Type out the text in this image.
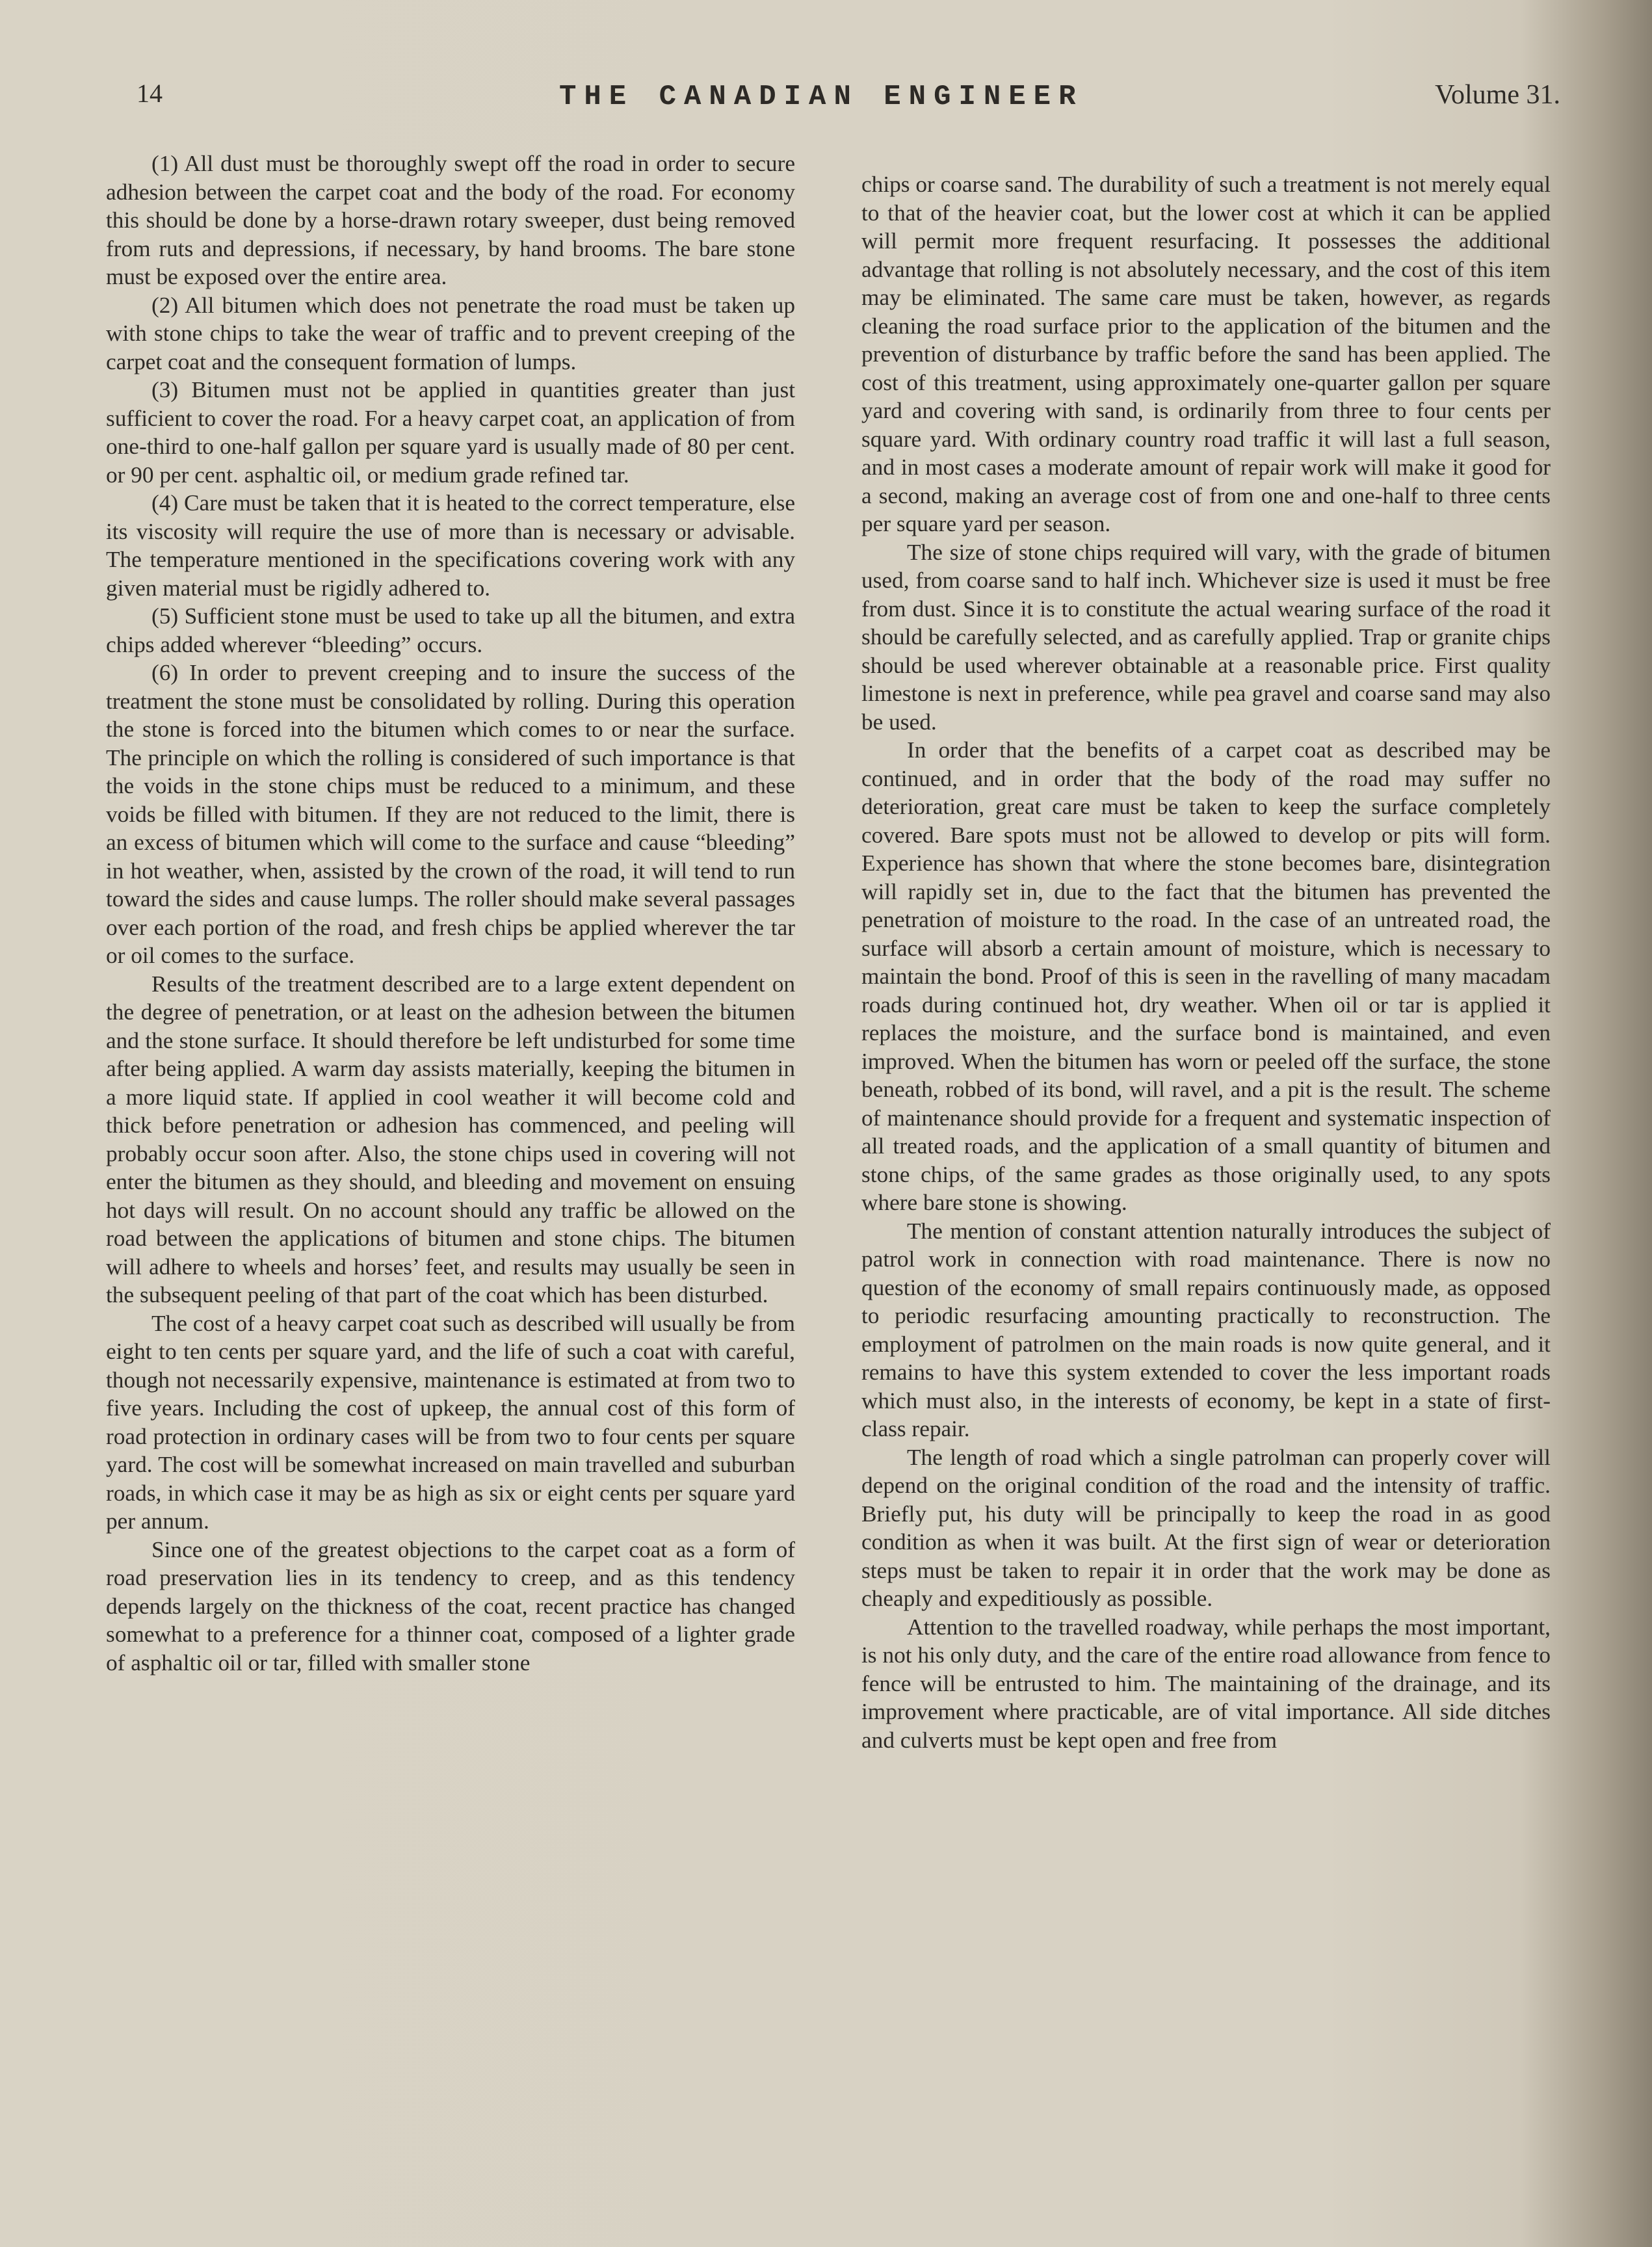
14	THE CANADIAN ENGINEER	Volume 31.

(1) All dust must be thoroughly swept off the road in order to secure adhesion between the carpet coat and the body of the road. For economy this should be done by a horse-drawn rotary sweeper, dust being removed from ruts and depressions, if necessary, by hand brooms. The bare stone must be exposed over the entire area.

(2) All bitumen which does not penetrate the road must be taken up with stone chips to take the wear of traffic and to prevent creeping of the carpet coat and the consequent formation of lumps.

(3) Bitumen must not be applied in quantities greater than just sufficient to cover the road. For a heavy carpet coat, an application of from one-third to one-half gallon per square yard is usually made of 80 per cent. or 90 per cent. asphaltic oil, or medium grade refined tar.

(4) Care must be taken that it is heated to the correct temperature, else its viscosity will require the use of more than is necessary or advisable. The temperature mentioned in the specifications covering work with any given material must be rigidly adhered to.

(5) Sufficient stone must be used to take up all the bitumen, and extra chips added wherever “bleeding” occurs.

(6) In order to prevent creeping and to insure the success of the treatment the stone must be consolidated by rolling. During this operation the stone is forced into the bitumen which comes to or near the surface. The principle on which the rolling is considered of such importance is that the voids in the stone chips must be reduced to a minimum, and these voids be filled with bitumen. If they are not reduced to the limit, there is an excess of bitumen which will come to the surface and cause “bleeding” in hot weather, when, assisted by the crown of the road, it will tend to run toward the sides and cause lumps. The roller should make several passages over each portion of the road, and fresh chips be applied wherever the tar or oil comes to the surface.

Results of the treatment described are to a large extent dependent on the degree of penetration, or at least on the adhesion between the bitumen and the stone surface. It should therefore be left undisturbed for some time after being applied. A warm day assists materially, keeping the bitumen in a more liquid state. If applied in cool weather it will become cold and thick before penetration or adhesion has commenced, and peeling will probably occur soon after. Also, the stone chips used in covering will not enter the bitumen as they should, and bleeding and movement on ensuing hot days will result. On no account should any traffic be allowed on the road between the applications of bitumen and stone chips. The bitumen will adhere to wheels and horses’ feet, and results may usually be seen in the subsequent peeling of that part of the coat which has been disturbed.

The cost of a heavy carpet coat such as described will usually be from eight to ten cents per square yard, and the life of such a coat with careful, though not necessarily expensive, maintenance is estimated at from two to five years. Including the cost of upkeep, the annual cost of this form of road protection in ordinary cases will be from two to four cents per square yard. The cost will be somewhat increased on main travelled and suburban roads, in which case it may be as high as six or eight cents per square yard per annum.

Since one of the greatest objections to the carpet coat as a form of road preservation lies in its tendency to creep, and as this tendency depends largely on the thickness of the coat, recent practice has changed somewhat to a preference for a thinner coat, composed of a lighter grade of asphaltic oil or tar, filled with smaller stone

chips or coarse sand. The durability of such a treatment is not merely equal to that of the heavier coat, but the lower cost at which it can be applied will permit more frequent resurfacing. It possesses the additional advantage that rolling is not absolutely necessary, and the cost of this item may be eliminated. The same care must be taken, however, as regards cleaning the road surface prior to the application of the bitumen and the prevention of disturbance by traffic before the sand has been applied. The cost of this treatment, using approximately one-quarter gallon per square yard and covering with sand, is ordinarily from three to four cents per square yard. With ordinary country road traffic it will last a full season, and in most cases a moderate amount of repair work will make it good for a second, making an average cost of from one and one-half to three cents per square yard per season.

The size of stone chips required will vary, with the grade of bitumen used, from coarse sand to half inch. Whichever size is used it must be free from dust. Since it is to constitute the actual wearing surface of the road it should be carefully selected, and as carefully applied. Trap or granite chips should be used wherever obtainable at a reasonable price. First quality limestone is next in preference, while pea gravel and coarse sand may also be used.

In order that the benefits of a carpet coat as described may be continued, and in order that the body of the road may suffer no deterioration, great care must be taken to keep the surface completely covered. Bare spots must not be allowed to develop or pits will form. Experience has shown that where the stone becomes bare, disintegration will rapidly set in, due to the fact that the bitumen has prevented the penetration of moisture to the road. In the case of an untreated road, the surface will absorb a certain amount of moisture, which is necessary to maintain the bond. Proof of this is seen in the ravelling of many macadam roads during continued hot, dry weather. When oil or tar is applied it replaces the moisture, and the surface bond is maintained, and even improved. When the bitumen has worn or peeled off the surface, the stone beneath, robbed of its bond, will ravel, and a pit is the result. The scheme of maintenance should provide for a frequent and systematic inspection of all treated roads, and the application of a small quantity of bitumen and stone chips, of the same grades as those originally used, to any spots where bare stone is showing.

The mention of constant attention naturally introduces the subject of patrol work in connection with road maintenance. There is now no question of the economy of small repairs continuously made, as opposed to periodic resurfacing amounting practically to reconstruction. The employment of patrolmen on the main roads is now quite general, and it remains to have this system extended to cover the less important roads which must also, in the interests of economy, be kept in a state of first-class repair.

The length of road which a single patrolman can properly cover will depend on the original condition of the road and the intensity of traffic. Briefly put, his duty will be principally to keep the road in as good condition as when it was built. At the first sign of wear or deterioration steps must be taken to repair it in order that the work may be done as cheaply and expeditiously as possible.

Attention to the travelled roadway, while perhaps the most important, is not his only duty, and the care of the entire road allowance from fence to fence will be entrusted to him. The maintaining of the drainage, and its improvement where practicable, are of vital importance. All side ditches and culverts must be kept open and free from
